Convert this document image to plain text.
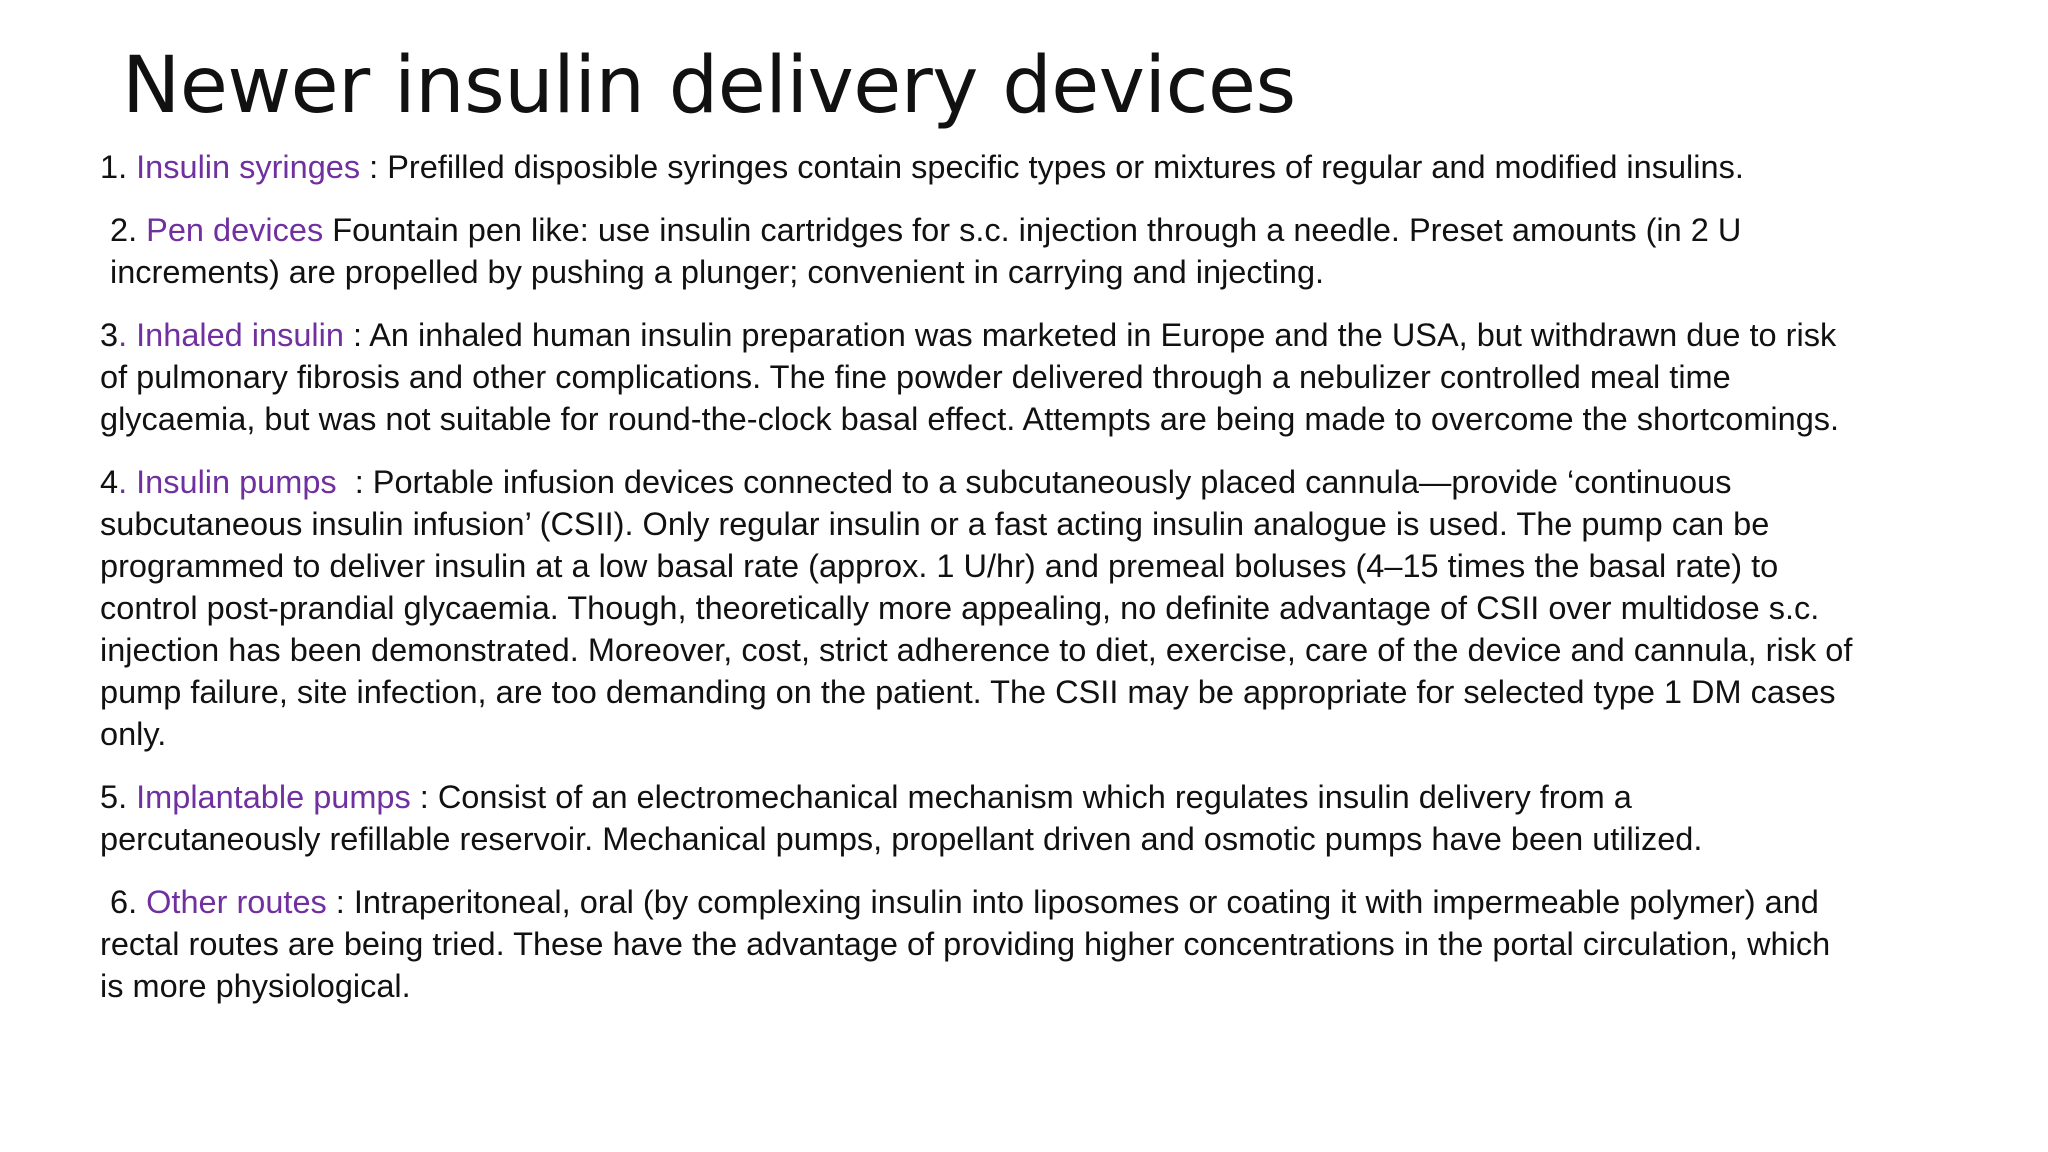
Newer insulin delivery devices

1. Insulin syringes : Prefilled disposible syringes contain specific types or mixtures of regular and modified insulins.

2. Pen devices Fountain pen like: use insulin cartridges for s.c. injection through a needle. Preset amounts (in 2 U increments) are propelled by pushing a plunger; convenient in carrying and injecting.

3. Inhaled insulin : An inhaled human insulin preparation was marketed in Europe and the USA, but withdrawn due to risk of pulmonary fibrosis and other complications. The fine powder delivered through a nebulizer controlled meal time glycaemia, but was not suitable for round-the-clock basal effect. Attempts are being made to overcome the shortcomings.

4. Insulin pumps  : Portable infusion devices connected to a subcutaneously placed cannula—provide ‘continuous subcutaneous insulin infusion’ (CSII). Only regular insulin or a fast acting insulin analogue is used. The pump can be programmed to deliver insulin at a low basal rate (approx. 1 U/hr) and premeal boluses (4–15 times the basal rate) to control post-prandial glycaemia. Though, theoretically more appealing, no definite advantage of CSII over multidose s.c. injection has been demonstrated. Moreover, cost, strict adherence to diet, exercise, care of the device and cannula, risk of pump failure, site infection, are too demanding on the patient. The CSII may be appropriate for selected type 1 DM cases only.

5. Implantable pumps : Consist of an electromechanical mechanism which regulates insulin delivery from a percutaneously refillable reservoir. Mechanical pumps, propellant driven and osmotic pumps have been utilized.

6. Other routes : Intraperitoneal, oral (by complexing insulin into liposomes or coating it with impermeable polymer) and rectal routes are being tried. These have the advantage of providing higher concentrations in the portal circulation, which is more physiological.
